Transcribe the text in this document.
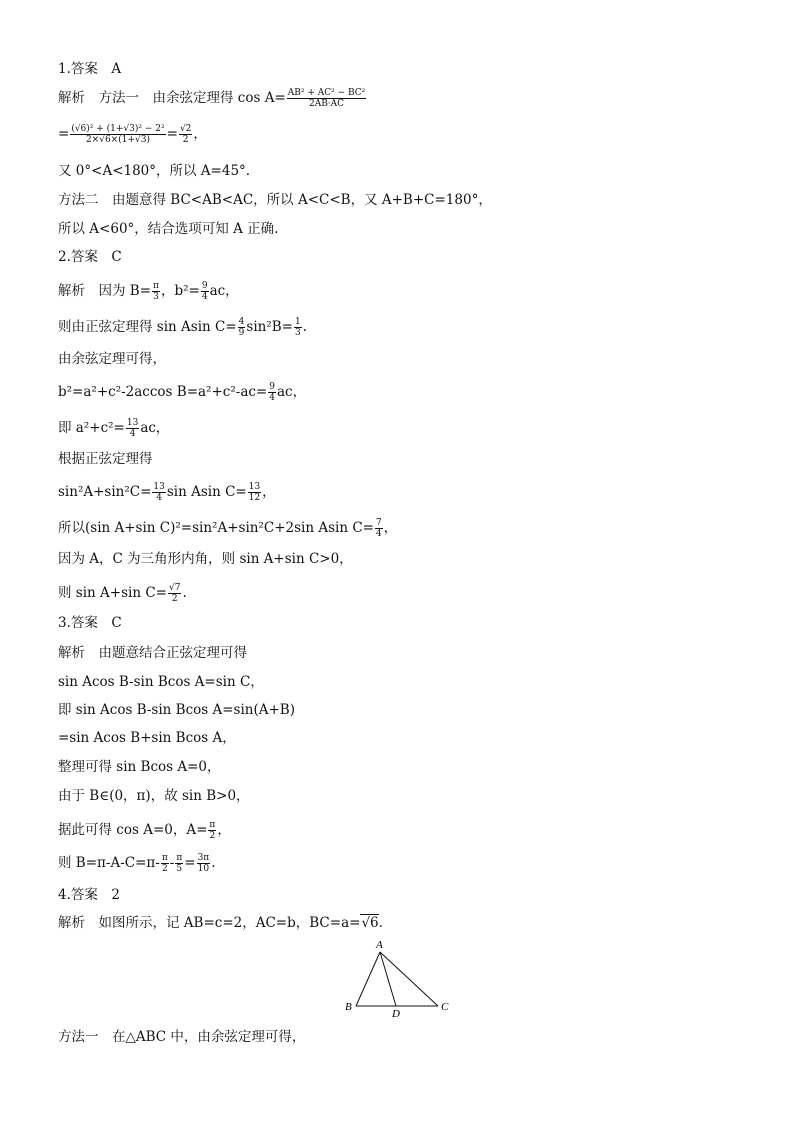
1.答案　A
解析　方法一　由余弦定理得 $\cos A= \frac{\text{AB² + AC² − BC²}}{2AB\cdot AC}$
= $\frac{\text{(√6)² + (1+√3)² − 2²}}{2\times√6\times(1+√3)} = \frac{√2}{2}$ ，
又 0°<A<180°，所以 A=45°.
方法二　由题意得 BC<AB<AC，所以 A<C<B，又 A+B+C=180°，
所以 A<60°，结合选项可知 A 正确.
2.答案　C
解析　因为 $B= \frac{\pi}{3}$ ，$b^2= \frac{9}{4}$ ac，
则由正弦定理得 sin Asin $C= \frac{4}{9} \sin^2B= \frac{1}{3}$ .
由余弦定理可得，
b²=a²+c²-2accos $B=a^2+c^2-ac= \frac{9}{4}$ ac，
即 $a^2+c^2= \frac{13}{4}$ ac，
根据正弦定理得
$\sin^2A+\sin^2C= \frac{13}{4}$ sin Asin $C= \frac{13}{12}$ ，
所以(sin A+sin C)²=sin²A+sin²C+2sin Asin $C= \frac{7}{4}$ ，
因为 A，C 为三角形内角，则 sin A+sin C>0，
则 sin A+sin $C= \frac{√7}{2}$ .
3.答案　C
解析　由题意结合正弦定理可得
sin Acos B-sin Bcos A=sin C，
即 sin Acos B-sin Bcos A=sin(A+B)
=sin Acos B+sin Bcos A，
整理可得 sin Bcos A=0，
由于 B∈(0，π)，故 sin B>0，
据此可得 cos A=0，$A= \frac{\pi}{2}$ ，
则 $B=\pi-A-C=\pi- \frac{\pi}{2} - \frac{\pi}{5} = \frac{3\pi}{10}$ .
4.答案　2
解析　如图所示，记 AB=c=2，AC=b，BC=a=√6.
A
B
D
C
方法一　在△ABC 中，由余弦定理可得，
